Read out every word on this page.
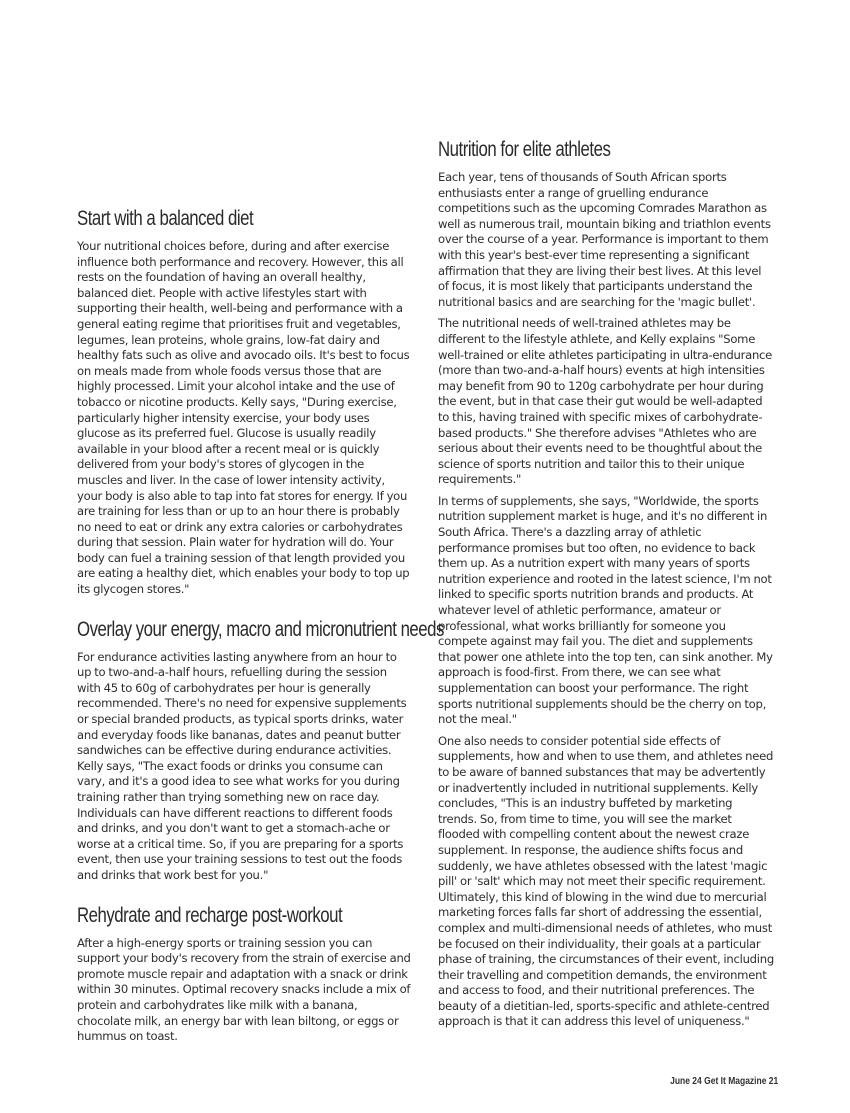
Start with a balanced diet

Your nutritional choices before, during and after exercise influence both performance and recovery. However, this all rests on the foundation of having an overall healthy, balanced diet. People with active lifestyles start with supporting their health, well-being and performance with a general eating regime that prioritises fruit and vegetables, legumes, lean proteins, whole grains, low-fat dairy and healthy fats such as olive and avocado oils. It's best to focus on meals made from whole foods versus those that are highly processed. Limit your alcohol intake and the use of tobacco or nicotine products. Kelly says, "During exercise, particularly higher intensity exercise, your body uses glucose as its preferred fuel. Glucose is usually readily available in your blood after a recent meal or is quickly delivered from your body's stores of glycogen in the muscles and liver. In the case of lower intensity activity, your body is also able to tap into fat stores for energy. If you are training for less than or up to an hour there is probably no need to eat or drink any extra calories or carbohydrates during that session. Plain water for hydration will do. Your body can fuel a training session of that length provided you are eating a healthy diet, which enables your body to top up its glycogen stores."

Overlay your energy, macro and micronutrient needs

For endurance activities lasting anywhere from an hour to up to two-and-a-half hours, refuelling during the session with 45 to 60g of carbohydrates per hour is generally recommended. There's no need for expensive supplements or special branded products, as typical sports drinks, water and everyday foods like bananas, dates and peanut butter sandwiches can be effective during endurance activities. Kelly says, "The exact foods or drinks you consume can vary, and it's a good idea to see what works for you during training rather than trying something new on race day. Individuals can have different reactions to different foods and drinks, and you don't want to get a stomach-ache or worse at a critical time. So, if you are preparing for a sports event, then use your training sessions to test out the foods and drinks that work best for you."

Rehydrate and recharge post-workout

After a high-energy sports or training session you can support your body's recovery from the strain of exercise and promote muscle repair and adaptation with a snack or drink within 30 minutes. Optimal recovery snacks include a mix of protein and carbohydrates like milk with a banana, chocolate milk, an energy bar with lean biltong, or eggs or hummus on toast.

Nutrition for elite athletes

Each year, tens of thousands of South African sports enthusiasts enter a range of gruelling endurance competitions such as the upcoming Comrades Marathon as well as numerous trail, mountain biking and triathlon events over the course of a year. Performance is important to them with this year's best-ever time representing a significant affirmation that they are living their best lives. At this level of focus, it is most likely that participants understand the nutritional basics and are searching for the 'magic bullet'.

The nutritional needs of well-trained athletes may be different to the lifestyle athlete, and Kelly explains "Some well-trained or elite athletes participating in ultra-endurance (more than two-and-a-half hours) events at high intensities may benefit from 90 to 120g carbohydrate per hour during the event, but in that case their gut would be well-adapted to this, having trained with specific mixes of carbohydrate-based products." She therefore advises "Athletes who are serious about their events need to be thoughtful about the science of sports nutrition and tailor this to their unique requirements."

In terms of supplements, she says, "Worldwide, the sports nutrition supplement market is huge, and it's no different in South Africa. There's a dazzling array of athletic performance promises but too often, no evidence to back them up. As a nutrition expert with many years of sports nutrition experience and rooted in the latest science, I'm not linked to specific sports nutrition brands and products. At whatever level of athletic performance, amateur or professional, what works brilliantly for someone you compete against may fail you. The diet and supplements that power one athlete into the top ten, can sink another. My approach is food-first. From there, we can see what supplementation can boost your performance. The right sports nutritional supplements should be the cherry on top, not the meal."

One also needs to consider potential side effects of supplements, how and when to use them, and athletes need to be aware of banned substances that may be advertently or inadvertently included in nutritional supplements. Kelly concludes, "This is an industry buffeted by marketing trends. So, from time to time, you will see the market flooded with compelling content about the newest craze supplement. In response, the audience shifts focus and suddenly, we have athletes obsessed with the latest 'magic pill' or 'salt' which may not meet their specific requirement. Ultimately, this kind of blowing in the wind due to mercurial marketing forces falls far short of addressing the essential, complex and multi-dimensional needs of athletes, who must be focused on their individuality, their goals at a particular phase of training, the circumstances of their event, including their travelling and competition demands, the environment and access to food, and their nutritional preferences. The beauty of a dietitian-led, sports-specific and athlete-centred approach is that it can address this level of uniqueness."

June 24 Get It Magazine 21
